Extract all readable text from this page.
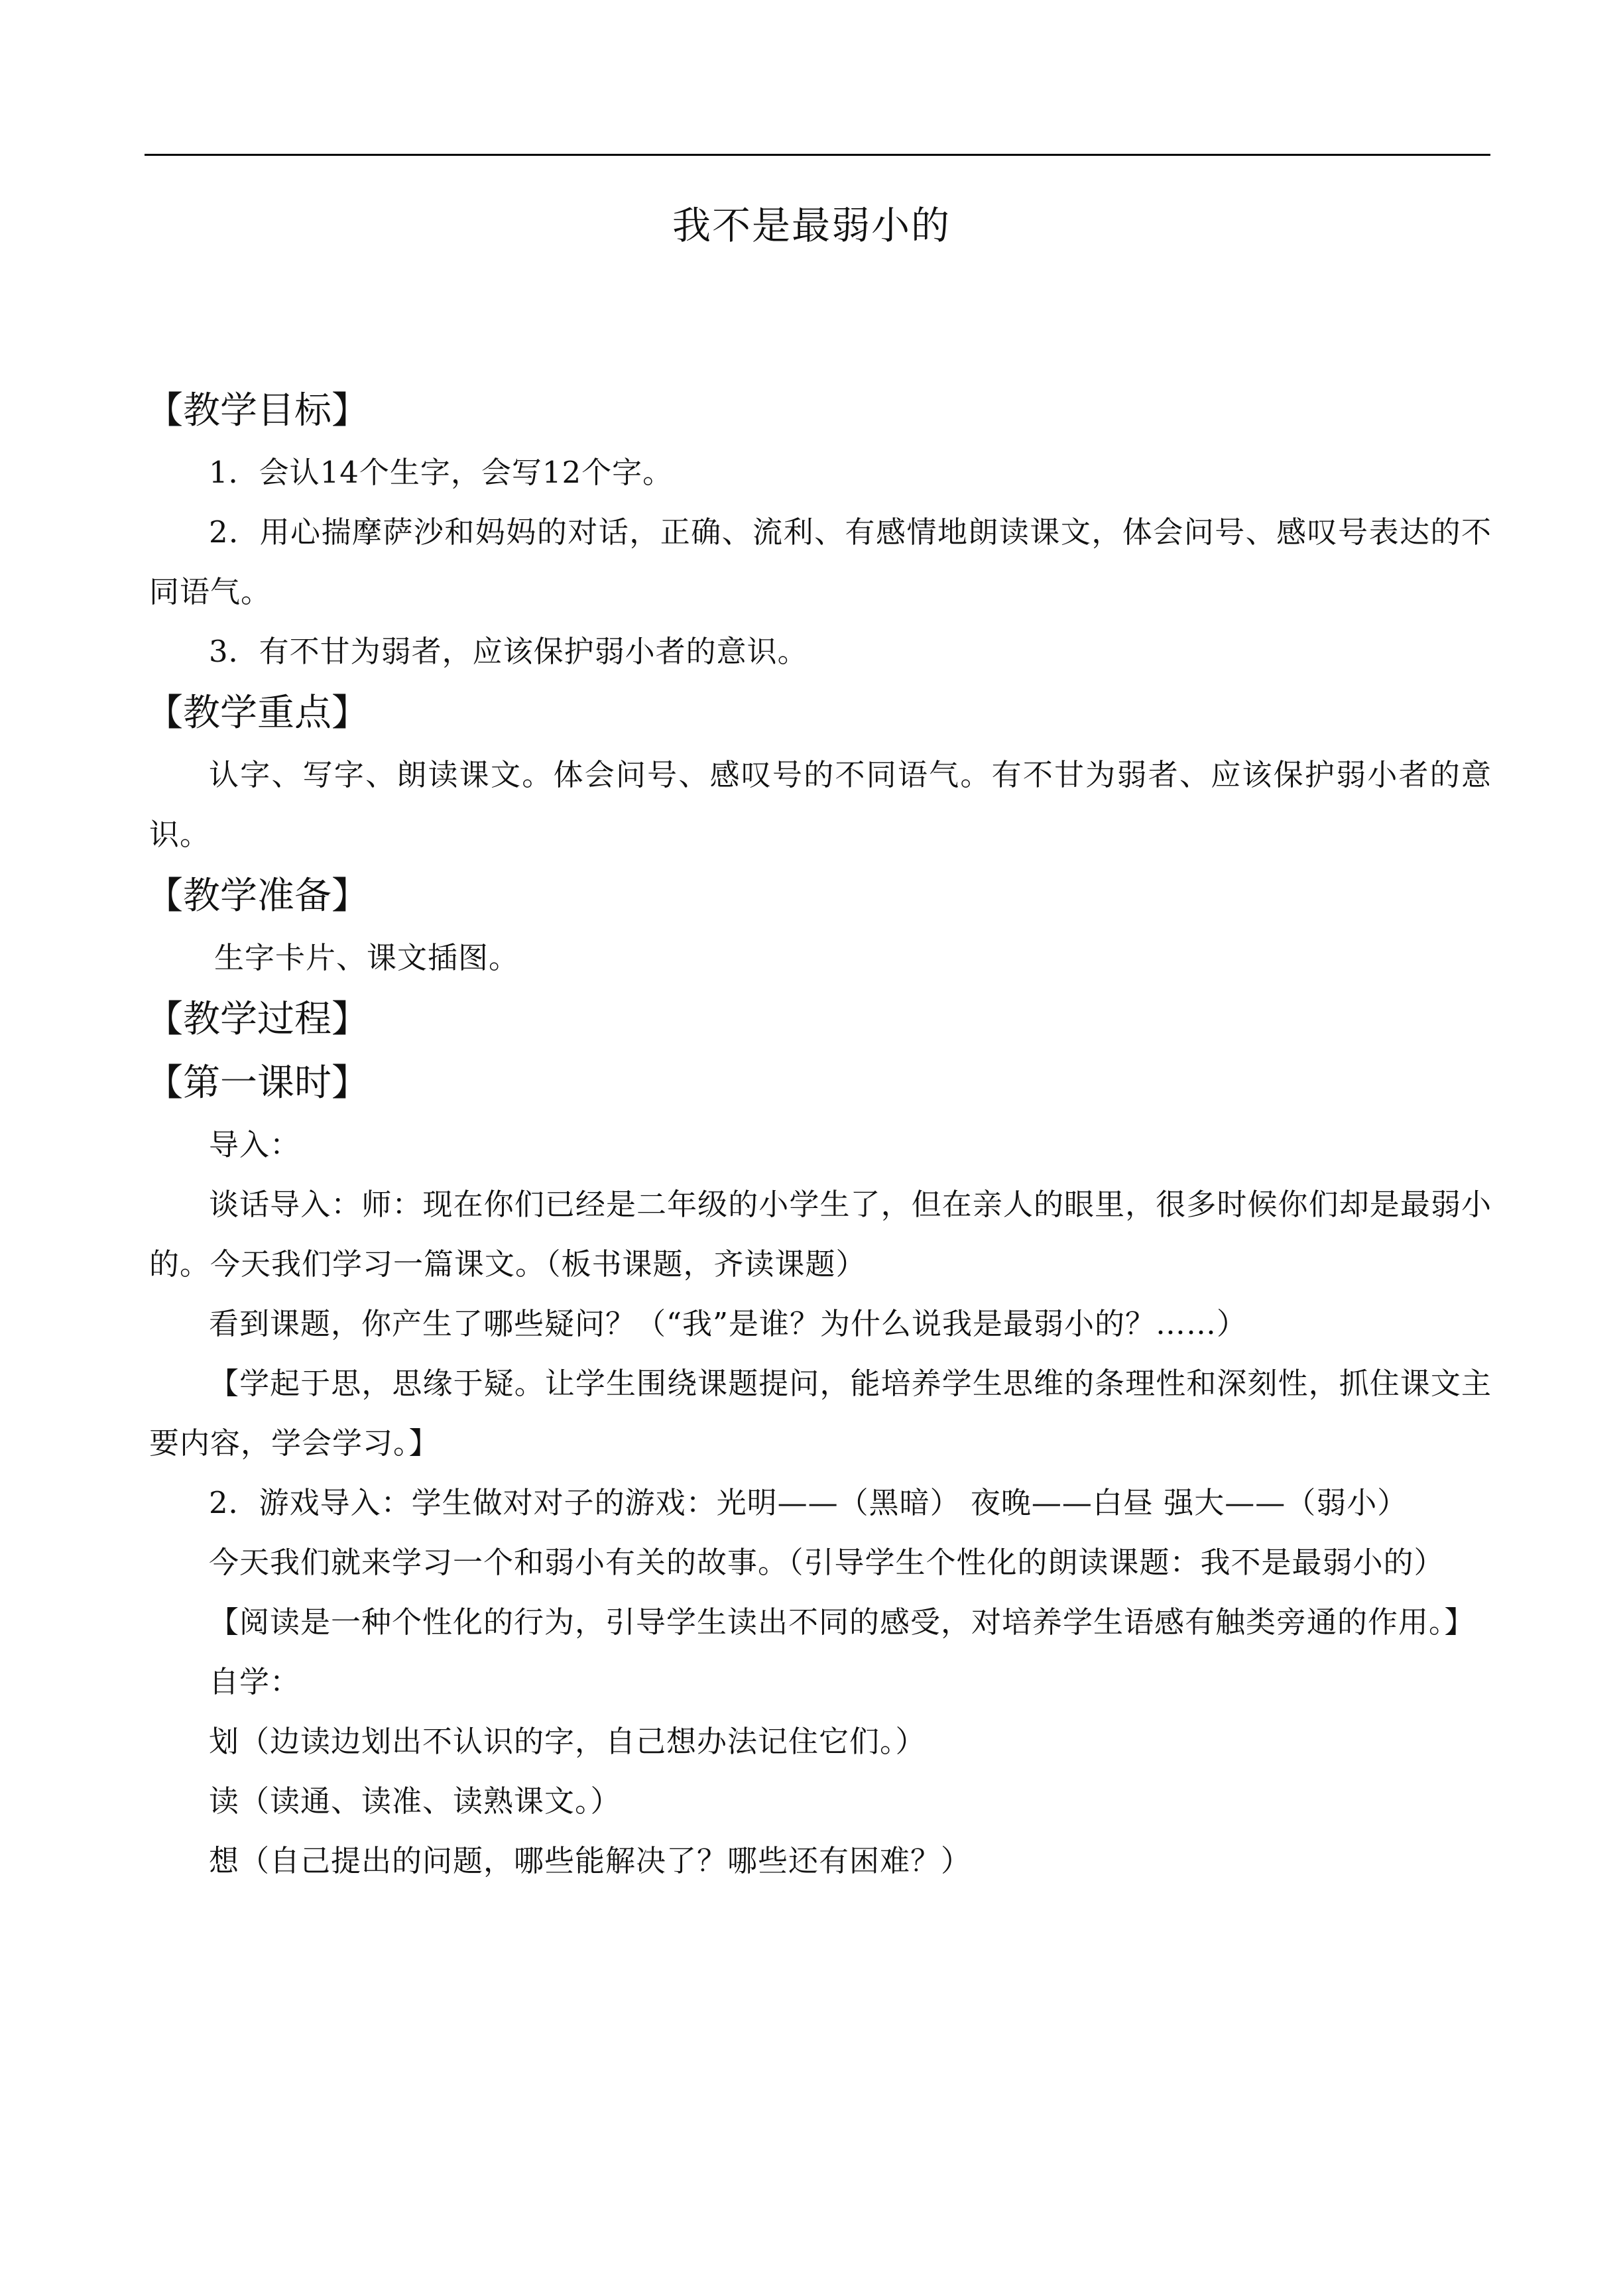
我不是最弱小的
【教学目标】
1．会认14个生字，会写12个字。
2．用心揣摩萨沙和妈妈的对话，正确、流利、有感情地朗读课文，体会问号、感叹号表达的不同语气。
3．有不甘为弱者，应该保护弱小者的意识。
【教学重点】
认字、写字、朗读课文。体会问号、感叹号的不同语气。有不甘为弱者、应该保护弱小者的意识。
【教学准备】
生字卡片、课文插图。
【教学过程】
【第一课时】
导入：
谈话导入：师：现在你们已经是二年级的小学生了，但在亲人的眼里，很多时候你们却是最弱小的。今天我们学习一篇课文。（板书课题，齐读课题）
看到课题，你产生了哪些疑问？（“我”是谁？为什么说我是最弱小的？……）
【学起于思，思缘于疑。让学生围绕课题提问，能培养学生思维的条理性和深刻性，抓住课文主要内容，学会学习。】
2．游戏导入：学生做对对子的游戏：光明——（黑暗） 夜晚——白昼 强大——（弱小）
今天我们就来学习一个和弱小有关的故事。（引导学生个性化的朗读课题：我不是最弱小的）
【阅读是一种个性化的行为，引导学生读出不同的感受，对培养学生语感有触类旁通的作用。】
自学：
划（边读边划出不认识的字，自己想办法记住它们。）
读（读通、读准、读熟课文。）
想（自己提出的问题，哪些能解决了？哪些还有困难？）
